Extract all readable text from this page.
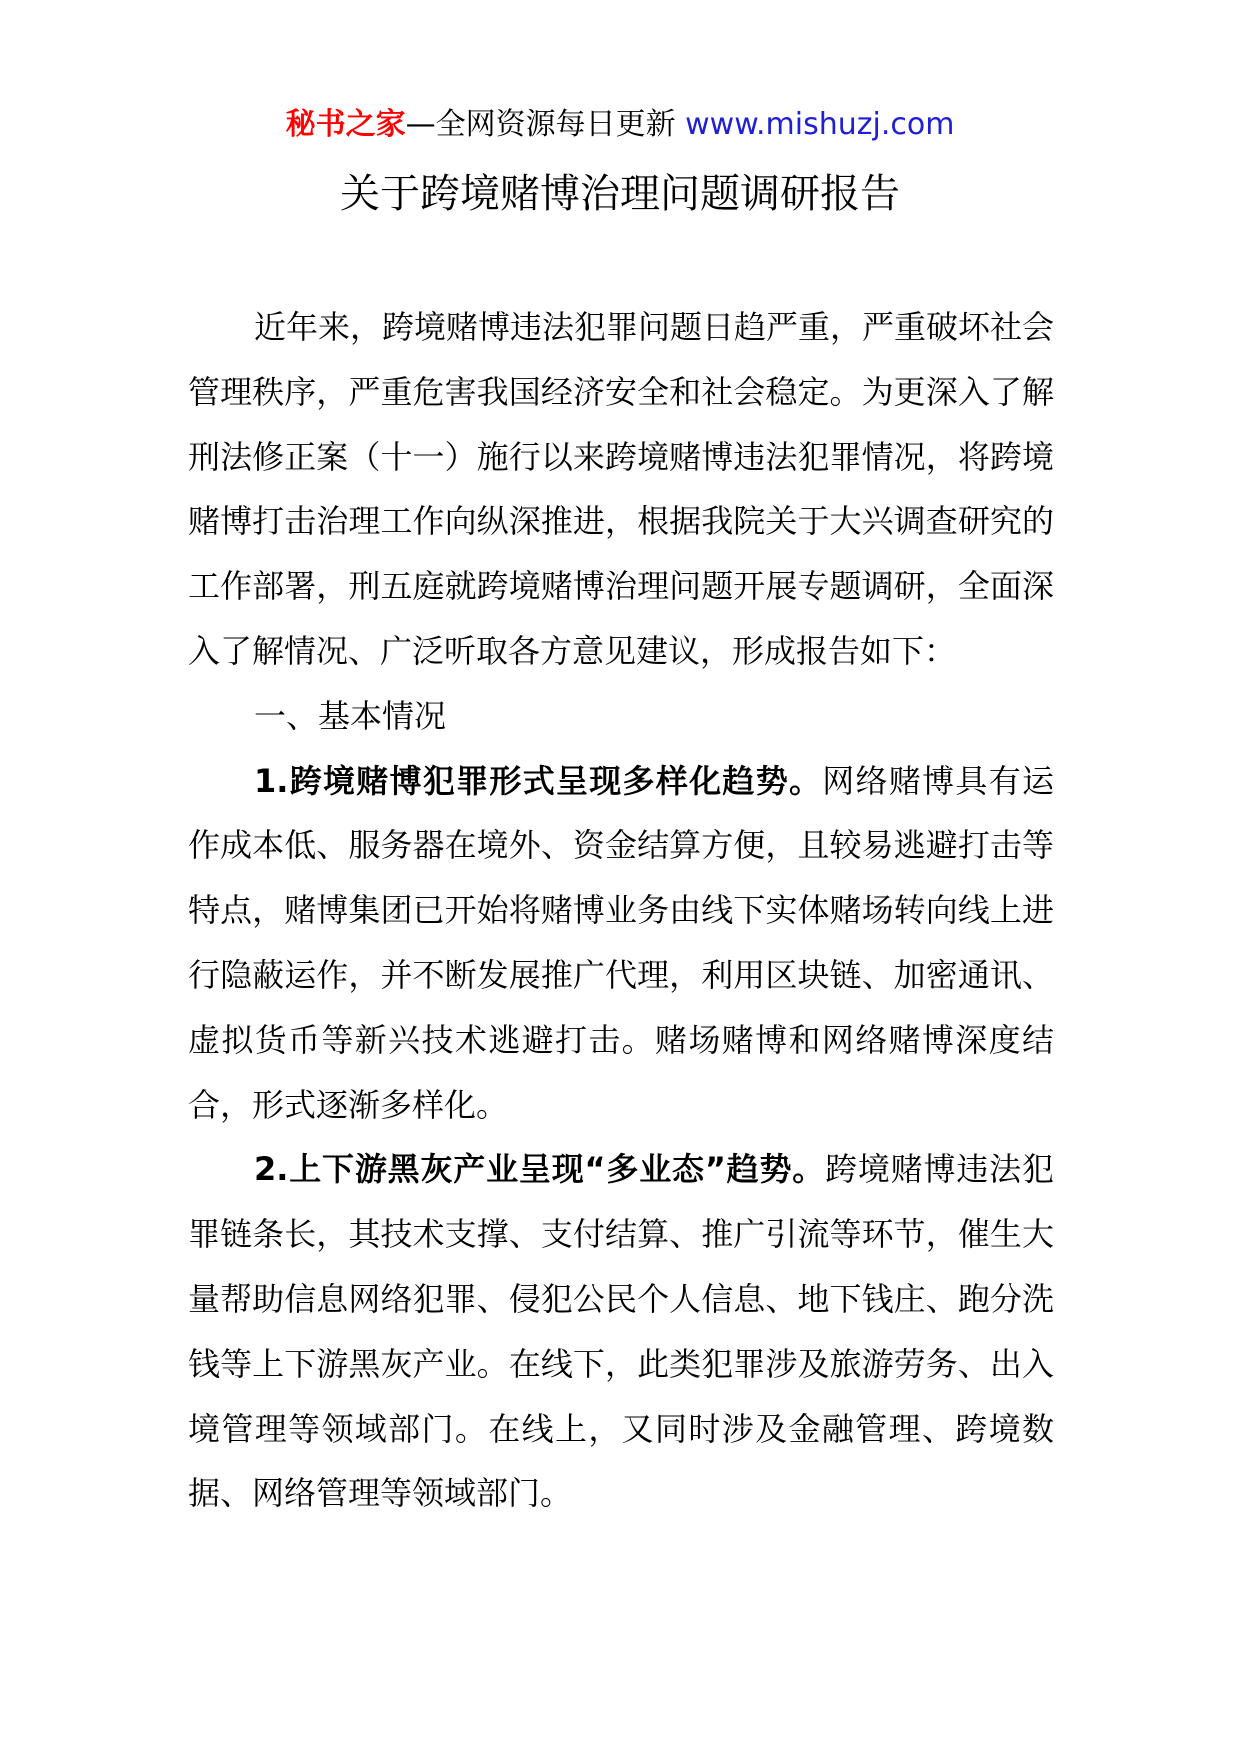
秘书之家—全网资源每日更新 www.mishuzj.com
关于跨境赌博治理问题调研报告

近年来，跨境赌博违法犯罪问题日趋严重，严重破坏社会管理秩序，严重危害我国经济安全和社会稳定。为更深入了解刑法修正案（十一）施行以来跨境赌博违法犯罪情况，将跨境赌博打击治理工作向纵深推进，根据我院关于大兴调查研究的工作部署，刑五庭就跨境赌博治理问题开展专题调研，全面深入了解情况、广泛听取各方意见建议，形成报告如下：

一、基本情况

1.跨境赌博犯罪形式呈现多样化趋势。网络赌博具有运作成本低、服务器在境外、资金结算方便，且较易逃避打击等特点，赌博集团已开始将赌博业务由线下实体赌场转向线上进行隐蔽运作，并不断发展推广代理，利用区块链、加密通讯、虚拟货币等新兴技术逃避打击。赌场赌博和网络赌博深度结合，形式逐渐多样化。

2.上下游黑灰产业呈现“多业态”趋势。跨境赌博违法犯罪链条长，其技术支撑、支付结算、推广引流等环节，催生大量帮助信息网络犯罪、侵犯公民个人信息、地下钱庄、跑分洗钱等上下游黑灰产业。在线下，此类犯罪涉及旅游劳务、出入境管理等领域部门。在线上，又同时涉及金融管理、跨境数据、网络管理等领域部门。
